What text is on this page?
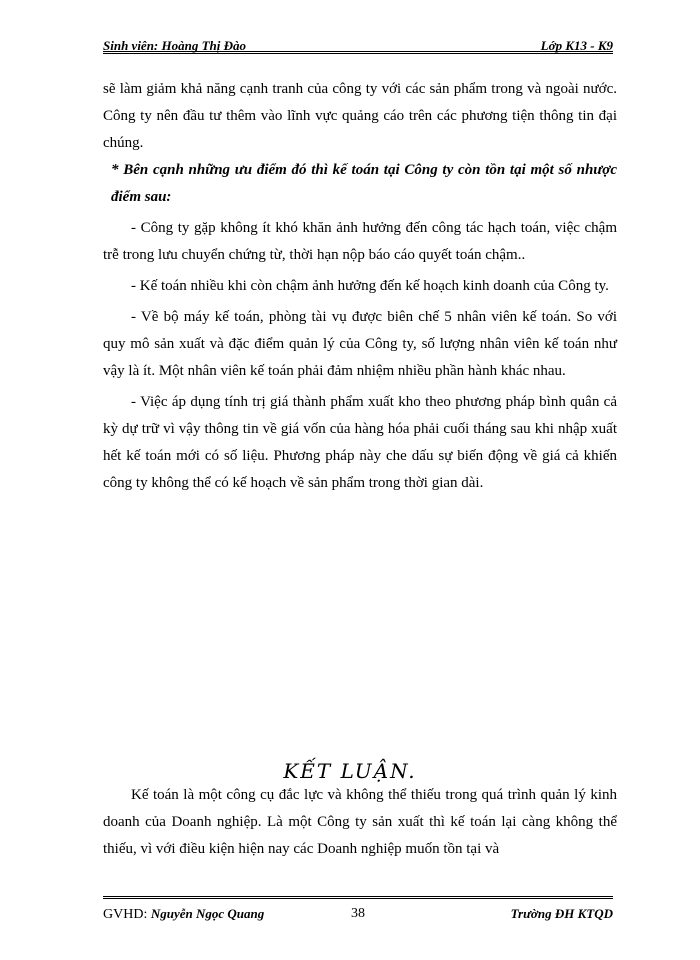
Sinh viên: Hoàng Thị Đào	Lớp K13 - K9

sẽ làm giảm khả năng cạnh tranh của công ty với các sản phẩm trong và ngoài nước. Công ty nên đầu tư thêm vào lĩnh vực quảng cáo trên các phương tiện thông tin đại chúng.

* Bên cạnh những ưu điểm đó thì kế toán tại Công ty còn tồn tại một số nhược điểm sau:

- Công ty gặp không ít khó khăn ảnh hưởng đến công tác hạch toán, việc chậm trễ trong lưu chuyển chứng từ, thời hạn nộp báo cáo quyết toán chậm..

- Kế toán nhiều khi còn chậm ảnh hưởng đến kế hoạch kinh doanh của Công ty.

- Về bộ máy kế toán, phòng tài vụ được biên chế 5 nhân viên kế toán. So với quy mô sản xuất và đặc điểm quản lý của Công ty, số lượng nhân viên kế toán như vậy là ít. Một nhân viên kế toán phải đảm nhiệm nhiều phần hành khác nhau.

- Việc áp dụng tính trị giá thành phẩm xuất kho theo phương pháp bình quân cả kỳ dự trữ vì vậy thông tin về giá vốn của hàng hóa phải cuối tháng sau khi nhập xuất hết kế toán mới có số liệu. Phương pháp này che dấu sự biến động về giá cả khiến công ty không thể có kế hoạch về sản phẩm trong thời gian dài.

KẾT LUẬN.

Kế toán là một công cụ đắc lực và không thể thiếu trong quá trình quản lý kinh doanh của Doanh nghiệp. Là một Công ty sản xuất thì kế toán lại càng không thể thiếu, vì với điều kiện hiện nay các Doanh nghiệp muốn tồn tại và

GVHD: Nguyễn Ngọc Quang	38	Trường ĐH KTQD
